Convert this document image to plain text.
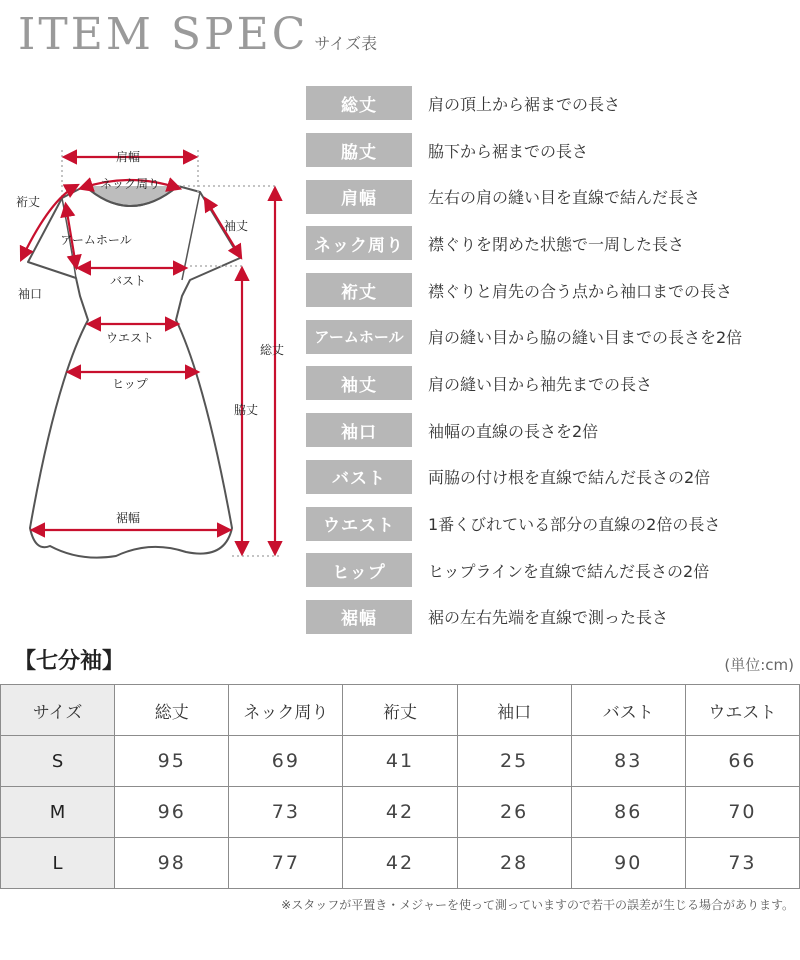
ITEM SPEC サイズ表
肩幅
ネック周り
裄丈
袖丈
アームホール
袖口
バスト
ウエスト
ヒップ
総丈
脇丈
裾幅
総丈	肩の頂上から裾までの長さ
脇丈	脇下から裾までの長さ
肩幅	左右の肩の縫い目を直線で結んだ長さ
ネック周り	襟ぐりを閉めた状態で一周した長さ
裄丈	襟ぐりと肩先の合う点から袖口までの長さ
アームホール	肩の縫い目から脇の縫い目までの長さを2倍
袖丈	肩の縫い目から袖先までの長さ
袖口	袖幅の直線の長さを2倍
バスト	両脇の付け根を直線で結んだ長さの2倍
ウエスト	1番くびれている部分の直線の2倍の長さ
ヒップ	ヒップラインを直線で結んだ長さの2倍
裾幅	裾の左右先端を直線で測った長さ
【七分袖】	(単位:cm)
サイズ	総丈	ネック周り	裄丈	袖口	バスト	ウエスト
S	95	69	41	25	83	66
M	96	73	42	26	86	70
L	98	77	42	28	90	73
※スタッフが平置き・メジャーを使って測っていますので若干の誤差が生じる場合があります。
